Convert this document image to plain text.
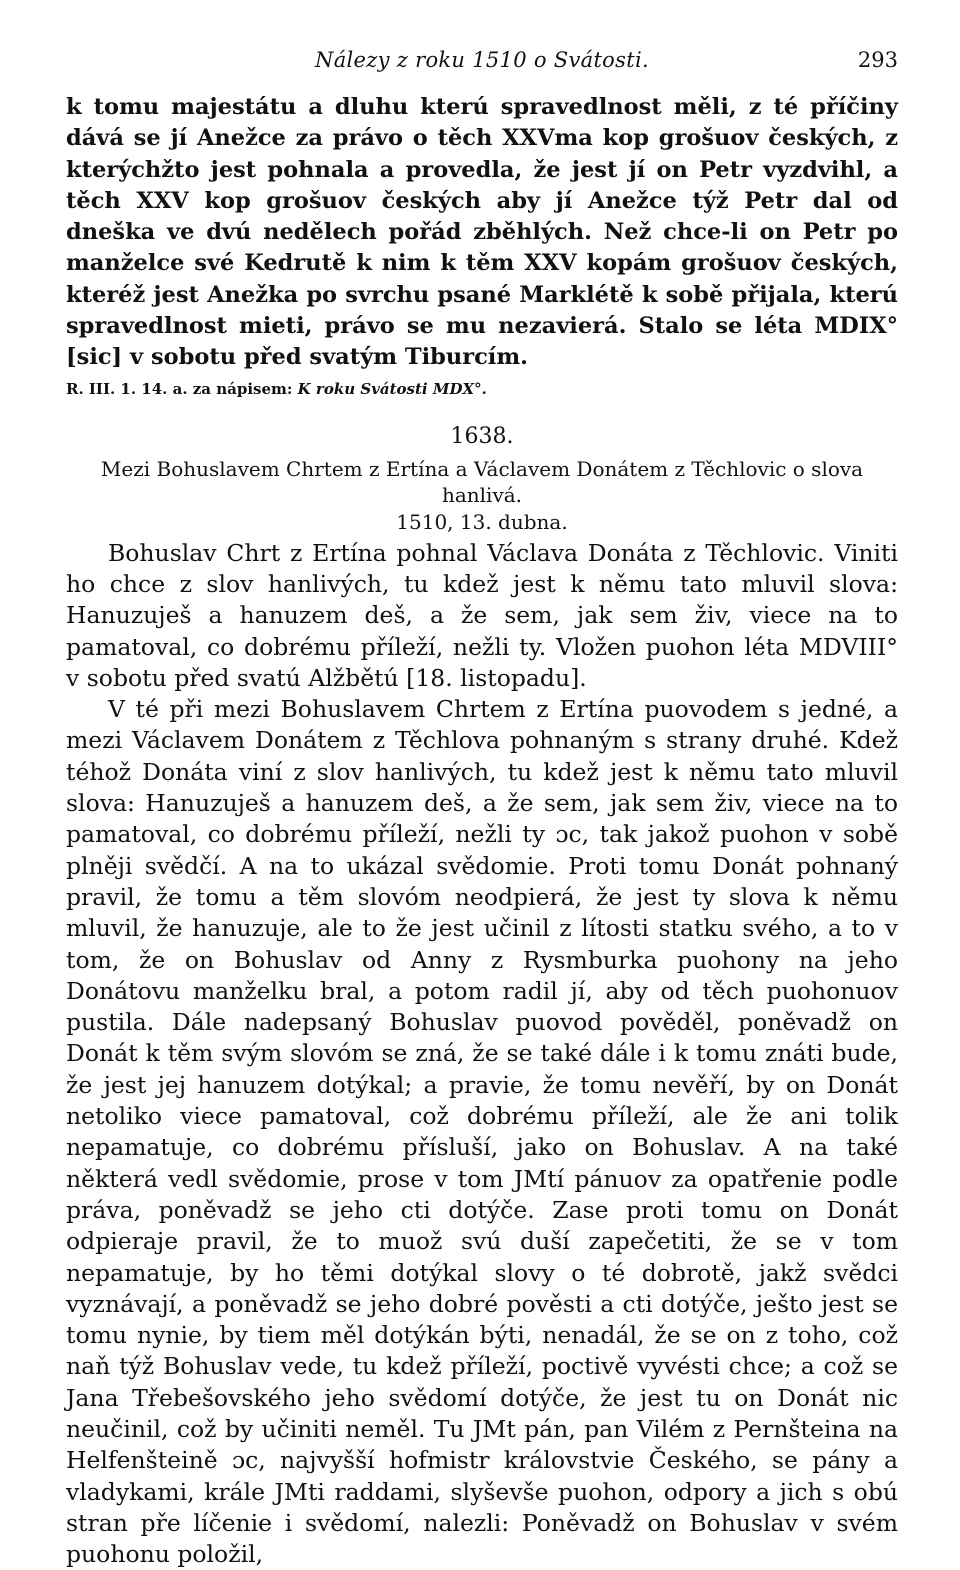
Nálezy z roku 1510 o Svátosti.	293

k tomu majestátu a dluhu kterú spravedlnost měli, z té příčiny dává se jí Anežce za právo o těch XXVma kop grošuov českých, z kterýchžto jest pohnala a provedla, že jest jí on Petr vyzdvihl, a těch XXV kop grošuov českých aby jí Anežce týž Petr dal od dneška ve dvú nedělech pořád zběhlých. Než chce-li on Petr po manželce své Kedrutě k nim k těm XXV kopám grošuov českých, kteréž jest Anežka po svrchu psané Marklétě k sobě přijala, kterú spravedlnost mieti, právo se mu nezavierá. Stalo se léta MDIX° [sic] v sobotu před svatým Tiburcím.

R. III. 1. 14. a. za nápisem: K roku Svátosti MDX°.
1638.
Mezi Bohuslavem Chrtem z Ertína a Václavem Donátem z Těchlovic o slova hanlivá.
1510, 13. dubna.

Bohuslav Chrt z Ertína pohnal Václava Donáta z Těchlovic. Viniti ho chce z slov hanlivých, tu kdež jest k němu tato mluvil slova: Hanuzuješ a hanuzem deš, a že sem, jak sem živ, viece na to pamatoval, co dobrému příleží, nežli ty. Vložen puohon léta MDVIII° v sobotu před svatú Alžbětú [18. listopadu].

V té při mezi Bohuslavem Chrtem z Ertína puovodem s jedné, a mezi Václavem Donátem z Těchlova pohnaným s strany druhé. Kdež téhož Donáta viní z slov hanlivých, tu kdež jest k němu tato mluvil slova: Hanuzuješ a hanuzem deš, a že sem, jak sem živ, viece na to pamatoval, co dobrému příleží, nežli ty ɔc, tak jakož puohon v sobě plněji svědčí. A na to ukázal svědomie. Proti tomu Donát pohnaný pravil, že tomu a těm slovóm neodpierá, že jest ty slova k němu mluvil, že hanuzuje, ale to že jest učinil z lítosti statku svého, a to v tom, že on Bohuslav od Anny z Rysmburka puohony na jeho Donátovu manželku bral, a potom radil jí, aby od těch puohonuov pustila. Dále nadepsaný Bohuslav puovod pověděl, poněvadž on Donát k těm svým slovóm se zná, že se také dále i k tomu znáti bude, že jest jej hanuzem dotýkal; a pravie, že tomu nevěří, by on Donát netoliko viece pamatoval, což dobrému příleží, ale že ani tolik nepamatuje, co dobrému přísluší, jako on Bohuslav. A na také některá vedl svědomie, prose v tom JMtí pánuov za opatřenie podle práva, poněvadž se jeho cti dotýče. Zase proti tomu on Donát odpieraje pravil, že to muož svú duší zapečetiti, že se v tom nepamatuje, by ho těmi dotýkal slovy o té dobrotě, jakž svědci vyznávají, a poněvadž se jeho dobré pověsti a cti dotýče, ješto jest se tomu nynie, by tiem měl dotýkán býti, nenadál, že se on z toho, což naň týž Bohuslav vede, tu kdež příleží, poctivě vyvésti chce; a což se Jana Třebešovského jeho svědomí dotýče, že jest tu on Donát nic neučinil, což by učiniti neměl. Tu JMt pán, pan Vilém z Pernšteina na Helfenšteině ɔc, najvyšší hofmistr královstvie Českého, se pány a vladykami, krále JMti raddami, slyševše puohon, odpory a jich s obú stran pře líčenie i svědomí, nalezli: Poněvadž on Bohuslav v svém puohonu položil,
